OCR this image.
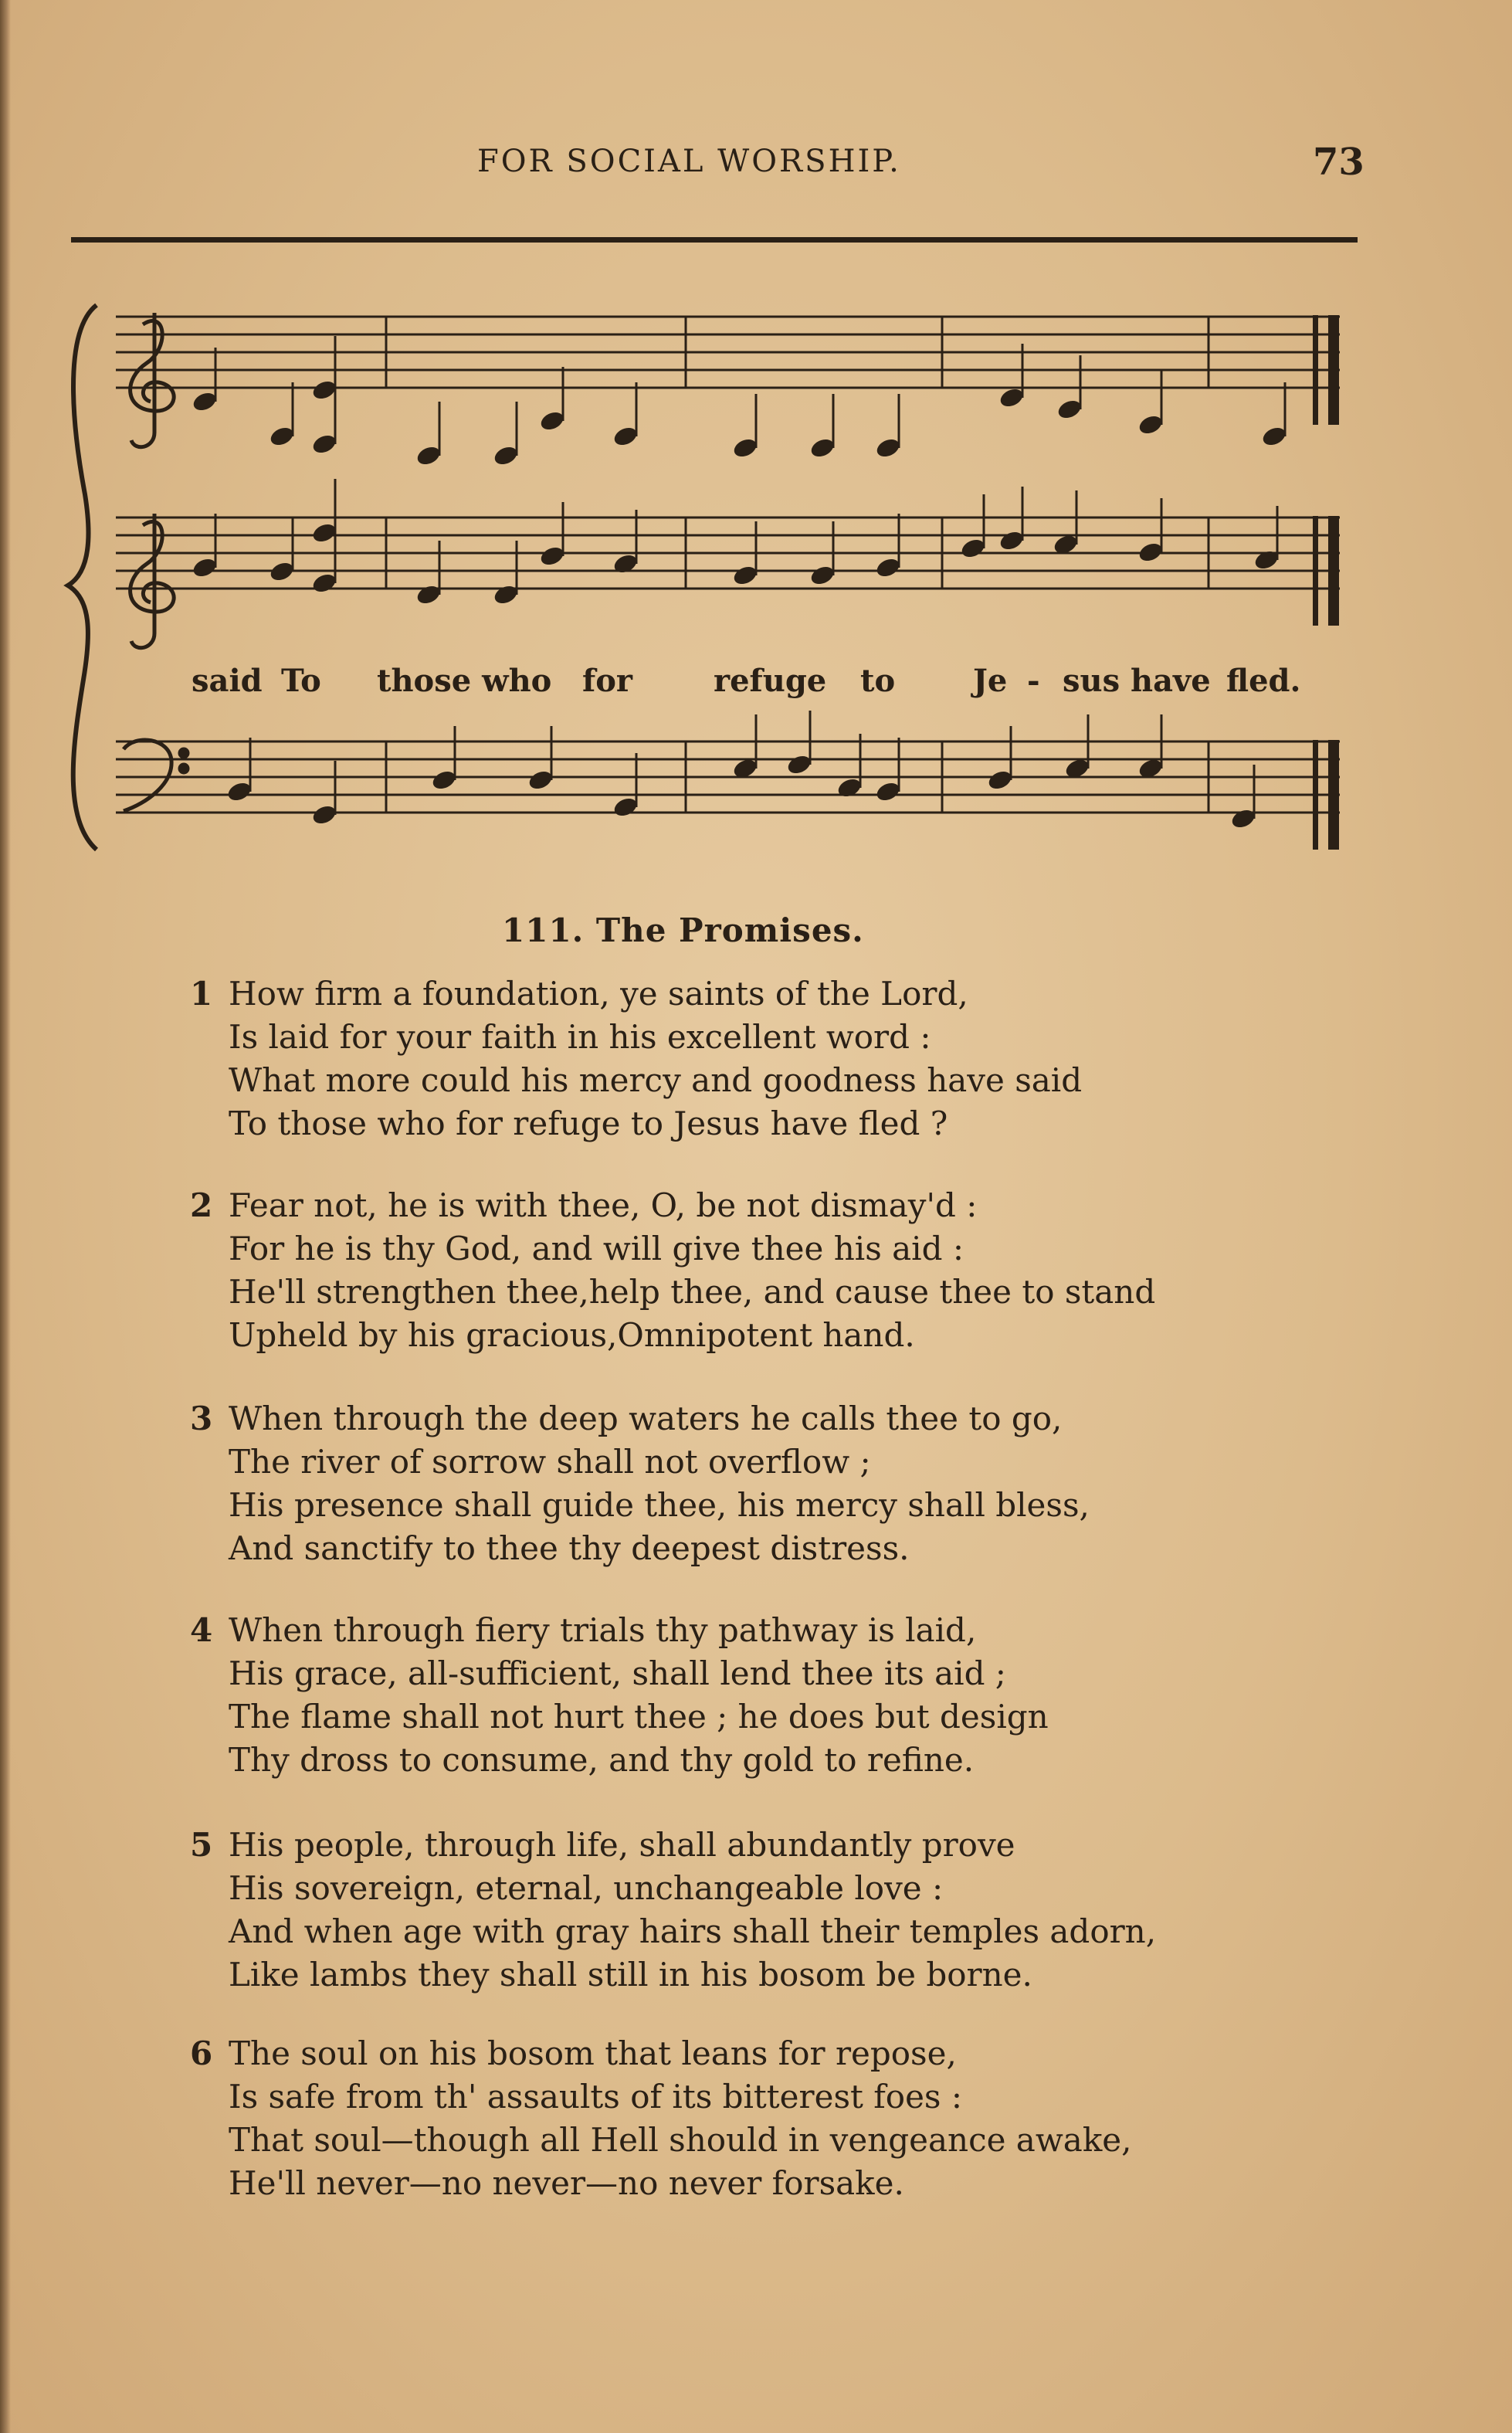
FOR SOCIAL WORSHIP.	73
said To those who for	refuge to	Je - sus have fled.
111. The Promises.
1 How firm a foundation, ye saints of the Lord,
Is laid for your faith in his excellent word :
What more could his mercy and goodness have said
To those who for refuge to Jesus have fled ?
2 Fear not, he is with thee, O, be not dismay'd :
For he is thy God, and will give thee his aid :
He'll strengthen thee,help thee, and cause thee to stand
Upheld by his gracious,Omnipotent hand.
3 When through the deep waters he calls thee to go,
The river of sorrow shall not overflow ;
His presence shall guide thee, his mercy shall bless,
And sanctify to thee thy deepest distress.
4 When through fiery trials thy pathway is laid,
His grace, all-sufficient, shall lend thee its aid ;
The flame shall not hurt thee ; he does but design
Thy dross to consume, and thy gold to refine.
5 His people, through life, shall abundantly prove
His sovereign, eternal, unchangeable love :
And when age with gray hairs shall their temples adorn,
Like lambs they shall still in his bosom be borne.
6 The soul on his bosom that leans for repose,
Is safe from th' assaults of its bitterest foes :
That soul—though all Hell should in vengeance awake,
He'll never—no never—no never forsake.
